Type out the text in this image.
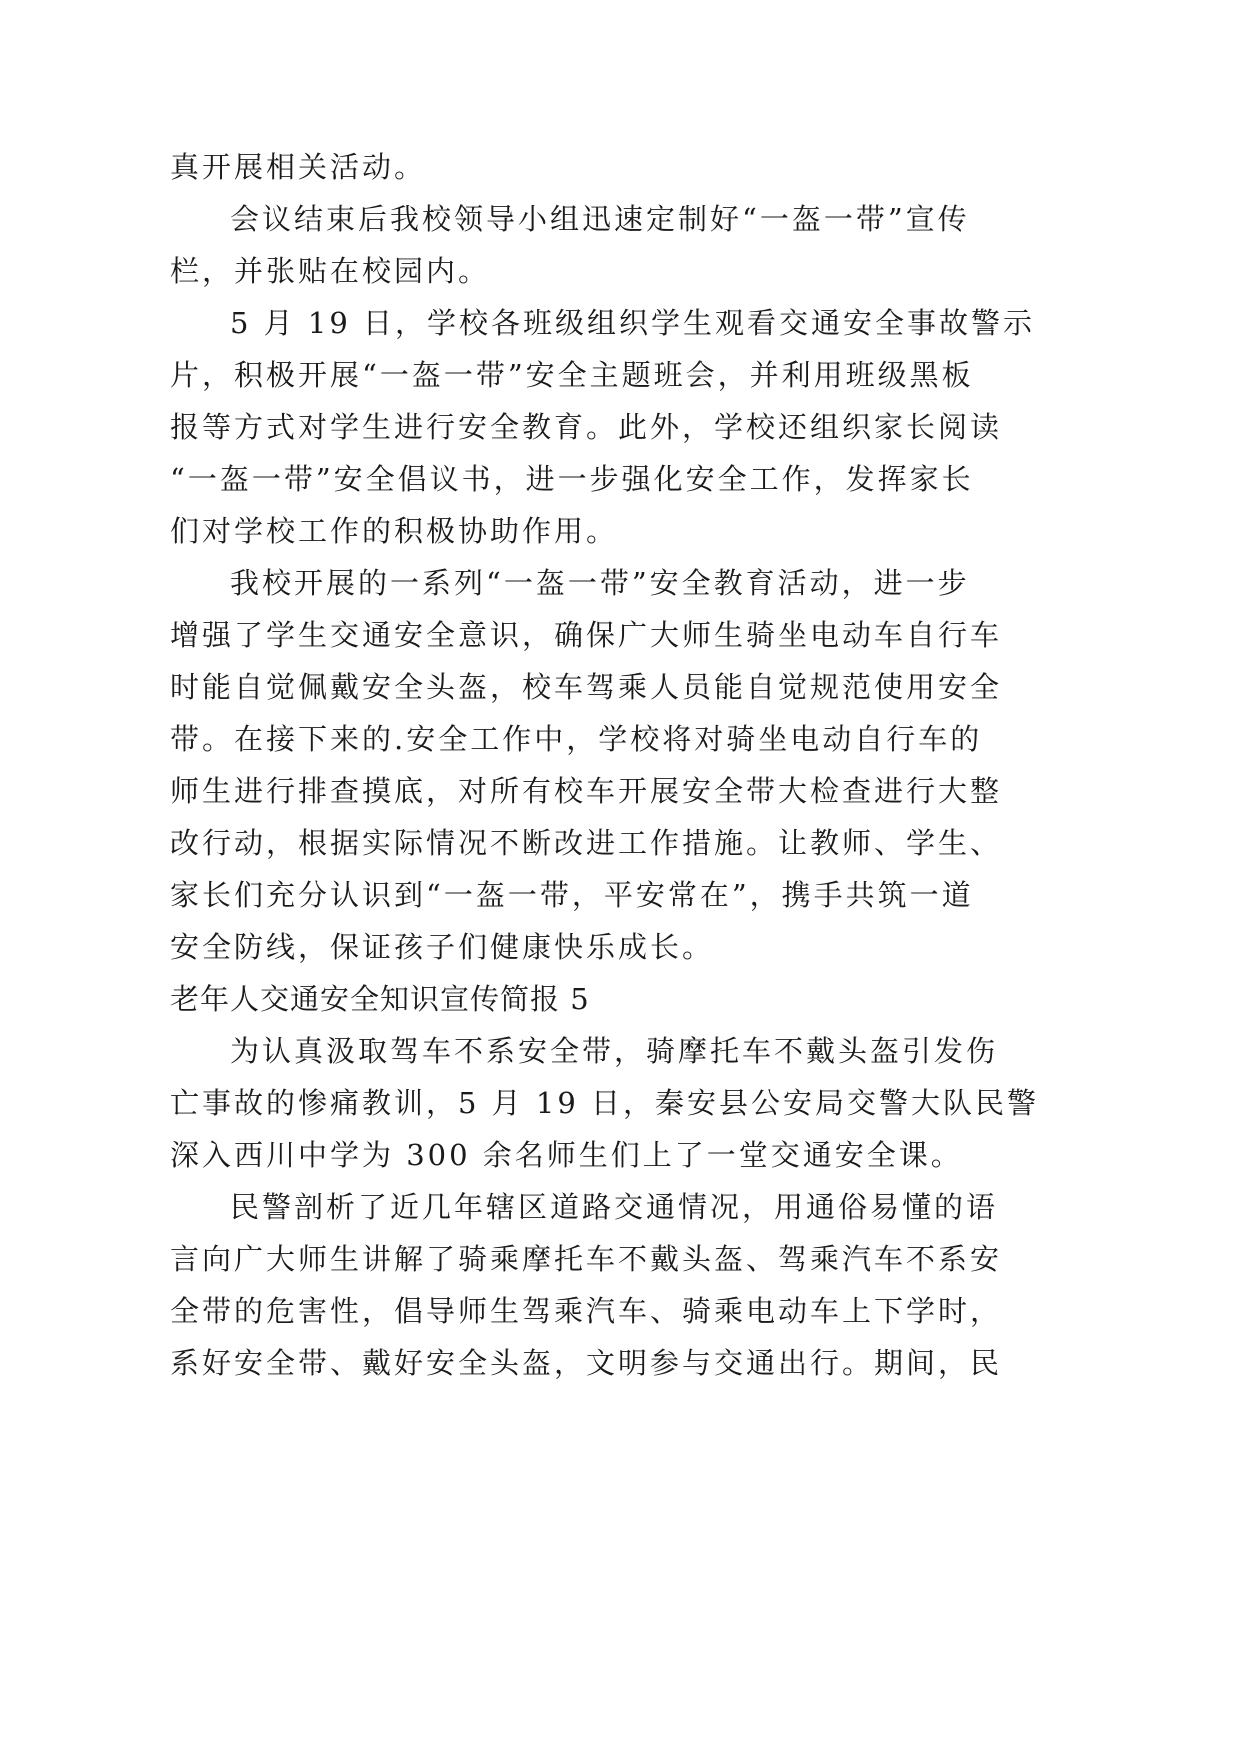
真开展相关活动。

会议结束后我校领导小组迅速定制好“一盔一带”宣传

栏，并张贴在校园内。

5 月 19 日，学校各班级组织学生观看交通安全事故警示

片，积极开展“一盔一带”安全主题班会，并利用班级黑板

报等方式对学生进行安全教育。此外，学校还组织家长阅读

“一盔一带”安全倡议书，进一步强化安全工作，发挥家长

们对学校工作的积极协助作用。

我校开展的一系列“一盔一带”安全教育活动，进一步

增强了学生交通安全意识，确保广大师生骑坐电动车自行车

时能自觉佩戴安全头盔，校车驾乘人员能自觉规范使用安全

带。在接下来的.安全工作中，学校将对骑坐电动自行车的

师生进行排查摸底，对所有校车开展安全带大检查进行大整

改行动，根据实际情况不断改进工作措施。让教师、学生、

家长们充分认识到“一盔一带，平安常在”，携手共筑一道

安全防线，保证孩子们健康快乐成长。

老年人交通安全知识宣传简报 5

为认真汲取驾车不系安全带，骑摩托车不戴头盔引发伤

亡事故的惨痛教训，5 月 19 日，秦安县公安局交警大队民警

深入西川中学为 300 余名师生们上了一堂交通安全课。

民警剖析了近几年辖区道路交通情况，用通俗易懂的语

言向广大师生讲解了骑乘摩托车不戴头盔、驾乘汽车不系安

全带的危害性，倡导师生驾乘汽车、骑乘电动车上下学时，

系好安全带、戴好安全头盔，文明参与交通出行。期间，民
